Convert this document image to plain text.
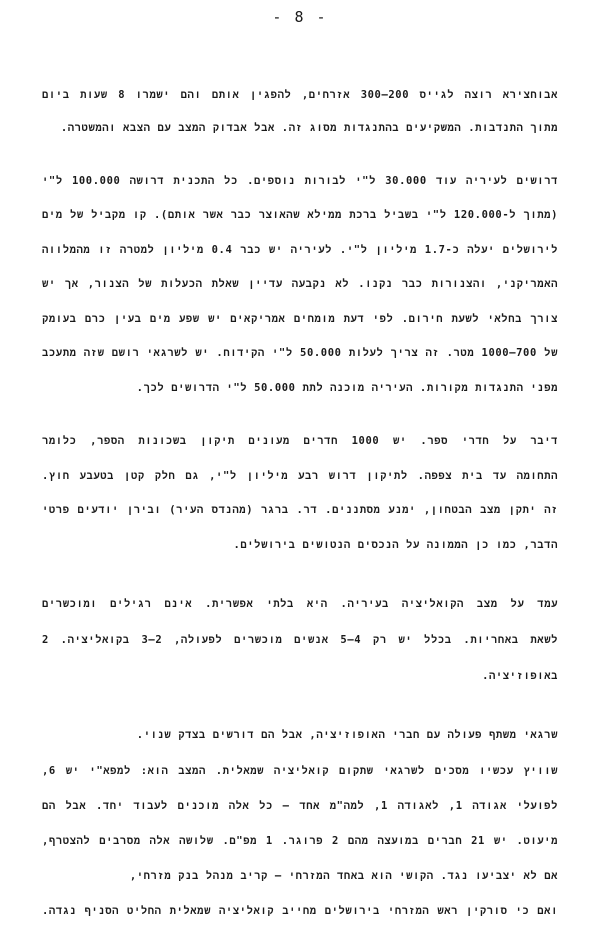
- 8 -
אבוחצירא רוצה לגייס 200–300 אזרחים, להפגין אותם והם ישמרו 8 שעות ביום
מתוך התנדבות. המשקיעים בהתנגדות מסוג זה. אבל אבדוק המצב עם הצבא והמשטרה.
דרושים לעיריה עוד 30.000 ל"י לבורות נוספים. כל התכנית דרושה 100.000 ל"י
(מתוך ל-120.000 ל"י בשביל ברכת ממילא שהאוצר כבר אשר אותם). קו מקביל של מים
לירושלים יעלה כ-1.7 מיליון ל"י. לעיריה יש כבר 0.4 מיליון למטרה זו מהמלווה
האמריקני, והצנורות כבר נקנו. לא נקבעה עדיין שאלת הכעלות של הצנור, אך יש
צורך בחלאי לשעת חירום. לפי דעת מומחים אמריקאים יש שפע מים בעין כרם בעומק
של 700–1000 מטר. זה צריך לעלות 50.000 ל"י הקידוח. יש לשרגאי רושם שזה מתעכב
מפני התנגדות מקורות. העיריה מוכנה לתת 50.000 ל"י הדרושים לכך.
דיבר על חדרי ספר. יש 1000 חדרים מעונים תיקון בשכונות הספר, כלומר
התחומה עד בית צפפה. לתיקון דרוש רבע מיליון ל"י, גם חלק קטן בטעבע חוץ.
זה יתקן מצב הבטחון, ימנע מסתננים. דר. ברגר (מהנדס העיר) ובירן יודעים פרטי
הדבר, כמו כן הממונה על הנכסים הנטושים בירושלים.
עמד על מצב הקואליציה בעיריה. היא בלתי אפשרית. אינם רגילים ומוכשרים
לשאת באחריות. בכלל יש רק 4–5 אנשים מוכשרים לפעולה, 2–3 בקואליציה. 2
באופוזיציה.
שרגאי משתף פעולה עם חברי האופוזיציה, אבל הם דורשים בצדק שנוי.
שוויץ עכשיו מסכים לשרגאי שתקום קואליציה שמאלית. המצב הוא: למפא"י יש 6,
לפועלי אגודה 1, לאגודה 1, למה"מ אחד – כל אלה מוכנים לעבוד יחד. אבל הם
מיעוט. יש 21 חברים במועצה מהם 2 פרוגר. 1 מפ"ם. שלושה אלה מסרבים להצטרף,
אם לא יצביעו נגד. הקושי הוא באחד המזרחי – קריב מנהל בנק מזרחי,
ואם כי סורקין ראש המזרחי בירושלים מחייב קואליציה שמאלית החליט הסניף נגדה.
